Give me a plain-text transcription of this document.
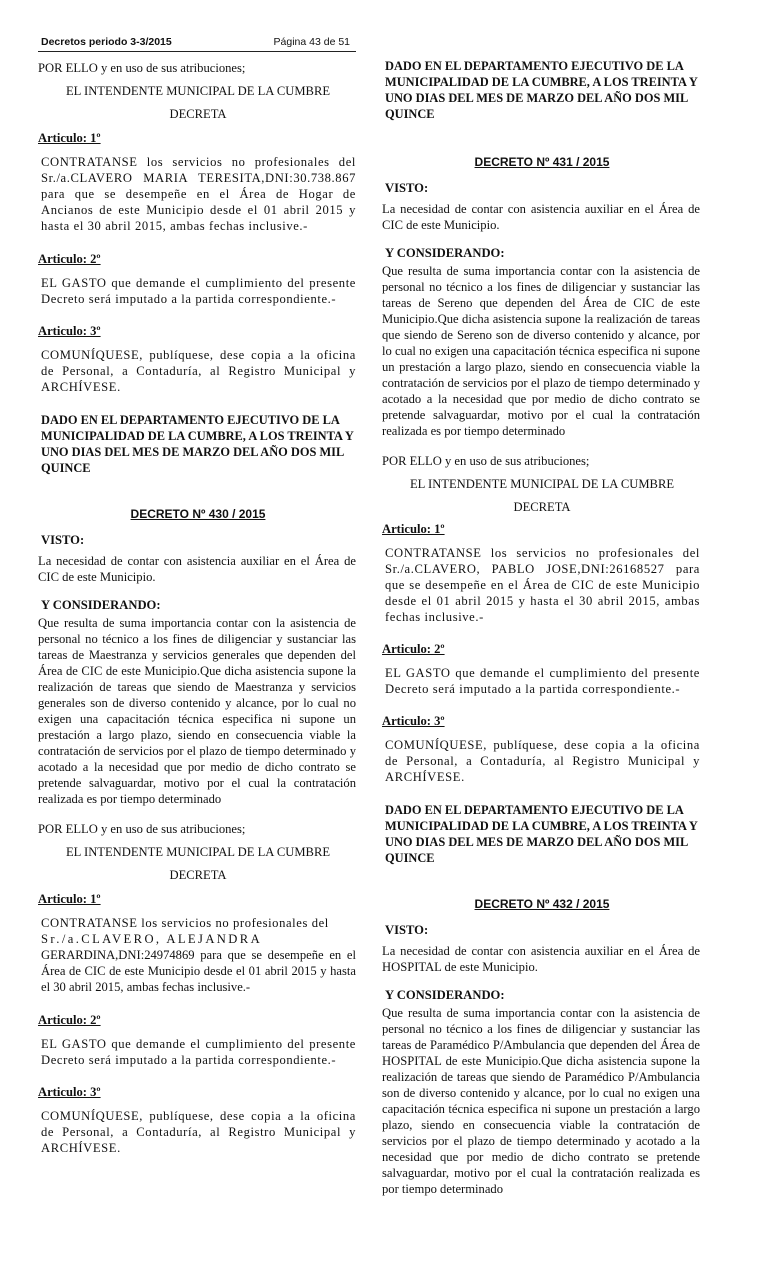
Decretos periodo 3-3/2015	Página 43 de 51

POR ELLO y en uso de sus atribuciones;

EL INTENDENTE MUNICIPAL DE LA CUMBRE

DECRETA

Articulo: 1º

CONTRATANSE los servicios no profesionales del Sr./a.CLAVERO MARIA TERESITA,DNI:30.738.867 para que se desempeñe en el Área de Hogar de Ancianos de este Municipio desde el 01 abril 2015 y hasta el 30 abril 2015, ambas fechas inclusive.-

Articulo: 2º

EL GASTO que demande el cumplimiento del presente Decreto será imputado a la partida correspondiente.-

Articulo: 3º

COMUNÍQUESE, publíquese, dese copia a la oficina de Personal, a Contaduría, al Registro Municipal y ARCHÍVESE.

DADO EN EL DEPARTAMENTO EJECUTIVO DE LA MUNICIPALIDAD DE LA CUMBRE, A LOS TREINTA Y UNO DIAS DEL MES DE MARZO DEL AÑO DOS MIL QUINCE

DECRETO Nº 430 / 2015

VISTO:

La necesidad de contar con asistencia auxiliar en el Área de CIC de este Municipio.

Y CONSIDERANDO:

Que resulta de suma importancia contar con la asistencia de personal no técnico a los fines de diligenciar y sustanciar las tareas de Maestranza y servicios generales que dependen del Área de CIC de este Municipio.Que dicha asistencia supone la realización de tareas que siendo de Maestranza y servicios generales son de diverso contenido y alcance, por lo cual no exigen una capacitación técnica especifica ni supone un prestación a largo plazo, siendo en consecuencia viable la contratación de servicios por el plazo de tiempo determinado y acotado a la necesidad que por medio de dicho contrato se pretende salvaguardar, motivo por el cual la contratación realizada es por tiempo determinado

POR ELLO y en uso de sus atribuciones;

EL INTENDENTE MUNICIPAL DE LA CUMBRE

DECRETA

Articulo: 1º

CONTRATANSE los servicios no profesionales del

Sr./a.CLAVERO, ALEJANDRA

GERARDINA,DNI:24974869 para que se desempeñe en el Área de CIC de este Municipio desde el 01 abril 2015 y hasta el 30 abril 2015, ambas fechas inclusive.-

Articulo: 2º

EL GASTO que demande el cumplimiento del presente Decreto será imputado a la partida correspondiente.-

Articulo: 3º

COMUNÍQUESE, publíquese, dese copia a la oficina de Personal, a Contaduría, al Registro Municipal y ARCHÍVESE.

DADO EN EL DEPARTAMENTO EJECUTIVO DE LA MUNICIPALIDAD DE LA CUMBRE, A LOS TREINTA Y UNO DIAS DEL MES DE MARZO DEL AÑO DOS MIL QUINCE

DECRETO Nº 431 / 2015

VISTO:

La necesidad de contar con asistencia auxiliar en el Área de CIC de este Municipio.

Y CONSIDERANDO:

Que resulta de suma importancia contar con la asistencia de personal no técnico a los fines de diligenciar y sustanciar las tareas de Sereno que dependen del Área de CIC de este Municipio.Que dicha asistencia supone la realización de tareas que siendo de Sereno son de diverso contenido y alcance, por lo cual no exigen una capacitación técnica especifica ni supone un prestación a largo plazo, siendo en consecuencia viable la contratación de servicios por el plazo de tiempo determinado y acotado a la necesidad que por medio de dicho contrato se pretende salvaguardar, motivo por el cual la contratación realizada es por tiempo determinado

POR ELLO y en uso de sus atribuciones;

EL INTENDENTE MUNICIPAL DE LA CUMBRE

DECRETA

Articulo: 1º

CONTRATANSE los servicios no profesionales del Sr./a.CLAVERO, PABLO JOSE,DNI:26168527 para que se desempeñe en el Área de CIC de este Municipio desde el 01 abril 2015 y hasta el 30 abril 2015, ambas fechas inclusive.-

Articulo: 2º

EL GASTO que demande el cumplimiento del presente Decreto será imputado a la partida correspondiente.-

Articulo: 3º

COMUNÍQUESE, publíquese, dese copia a la oficina de Personal, a Contaduría, al Registro Municipal y ARCHÍVESE.

DADO EN EL DEPARTAMENTO EJECUTIVO DE LA MUNICIPALIDAD DE LA CUMBRE, A LOS TREINTA Y UNO DIAS DEL MES DE MARZO DEL AÑO DOS MIL QUINCE

DECRETO Nº 432 / 2015

VISTO:

La necesidad de contar con asistencia auxiliar en el Área de HOSPITAL de este Municipio.

Y CONSIDERANDO:

Que resulta de suma importancia contar con la asistencia de personal no técnico a los fines de diligenciar y sustanciar las tareas de Paramédico P/Ambulancia que dependen del Área de HOSPITAL de este Municipio.Que dicha asistencia supone la realización de tareas que siendo de Paramédico P/Ambulancia son de diverso contenido y alcance, por lo cual no exigen una capacitación técnica especifica ni supone un prestación a largo plazo, siendo en consecuencia viable la contratación de servicios por el plazo de tiempo determinado y acotado a la necesidad que por medio de dicho contrato se pretende salvaguardar, motivo por el cual la contratación realizada es por tiempo determinado
